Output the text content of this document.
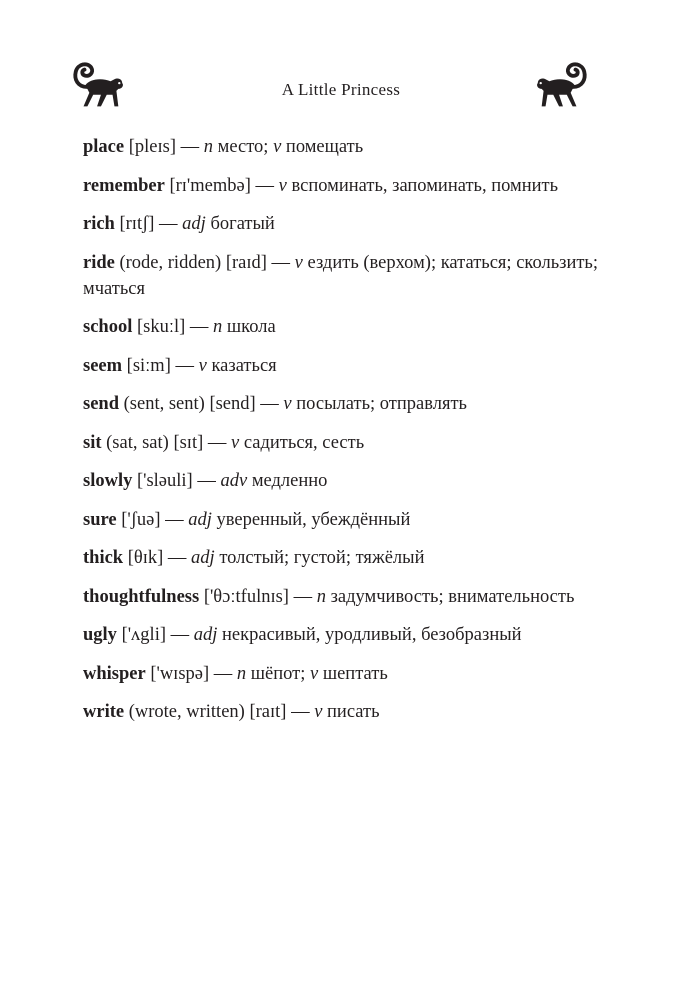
A Little Princess

place [pleɪs] — n место; v помещать

remember [rɪ'membə] — v вспоминать, запоминать, помнить

rich [rɪtʃ] — adj богатый

ride (rode, ridden) [raɪd] — v ездить (верхом); кататься; скользить; мчаться

school [skuːl] — n школа

seem [siːm] — v казаться

send (sent, sent) [send] — v посылать; отправлять

sit (sat, sat) [sɪt] — v садиться, сесть

slowly ['sləuli] — adv медленно

sure ['ʃuə] — adj уверенный, убеждённый

thick [θɪk] — adj толстый; густой; тяжёлый

thoughtfulness ['θɔːtfulnɪs] — n задумчивость; внимательность

ugly ['ʌgli] — adj некрасивый, уродливый, безобразный

whisper ['wɪspə] — n шёпот; v шептать

write (wrote, written) [raɪt] — v писать
